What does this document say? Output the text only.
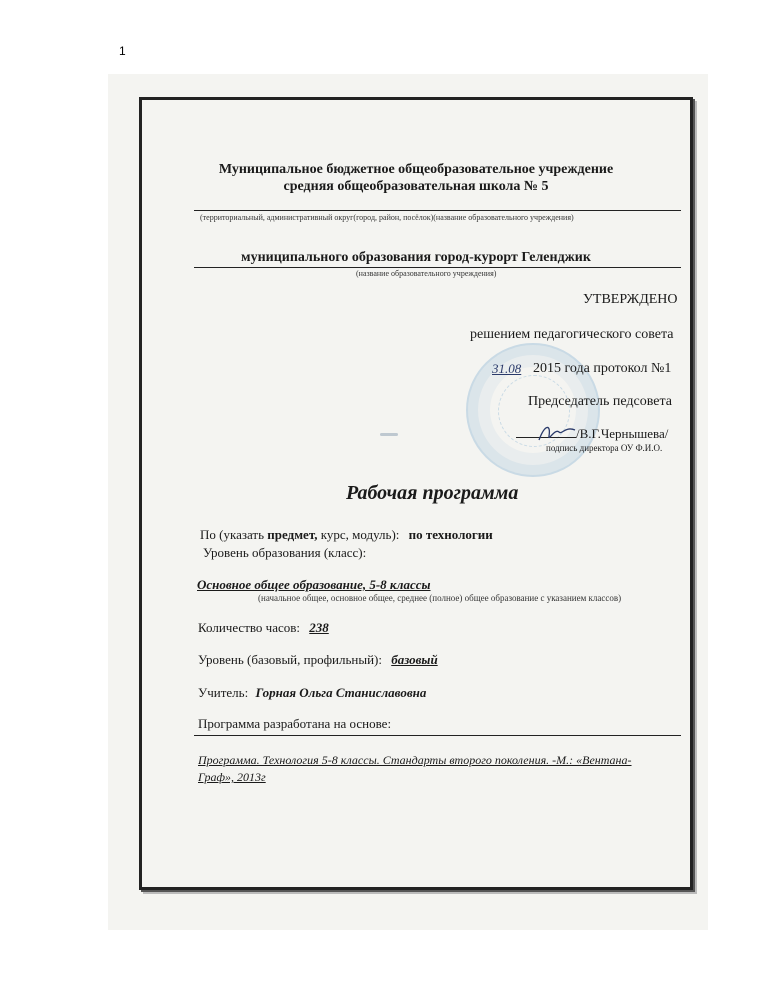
1
Муниципальное бюджетное общеобразовательное учреждение
средняя общеобразовательная школа № 5
(территориальный, административный округ(город, район, посёлок)(название образовательного учреждения)
муниципального образования город-курорт Геленджик
(название образовательного учреждения)
УТВЕРЖДЕНО
решением педагогического совета
31.08 2015 года протокол №1
Председатель педсовета
/В.Г.Чернышева/
подпись директора ОУ Ф.И.О.
Рабочая программа
По (указать предмет, курс, модуль): по технологии
Уровень образования (класс):
Основное общее образование, 5-8 классы
(начальное общее, основное общее, среднее (полное) общее образование с указанием классов)
Количество часов: 238
Уровень (базовый, профильный): базовый
Учитель: Горная Ольга Станиславовна
Программа разработана на основе:
Программа. Технология 5-8 классы. Стандарты второго поколения. -М.: «Вентана-
Граф», 2013г
